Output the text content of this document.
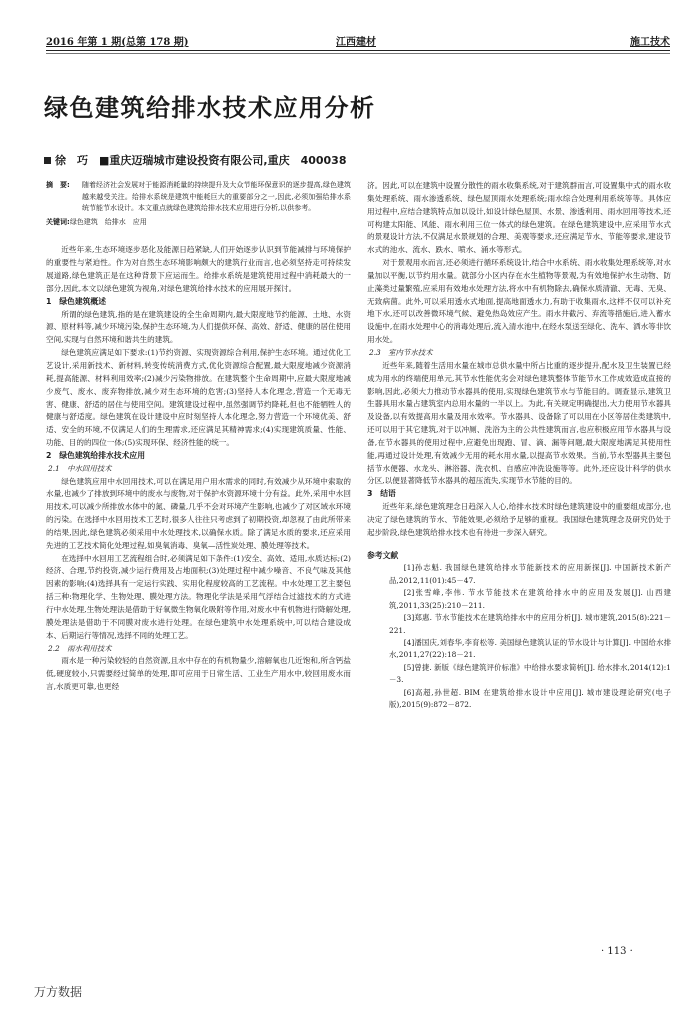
2016 年第 1 期(总第 178 期)	江西建材	施工技术
绿色建筑给排水技术应用分析
徐　巧　■重庆迈瑞城市建设投资有限公司,重庆　400038
摘　要:	随着经济社会发展对于能源消耗量的持续提升及大众节能环保意识的逐步提高,绿色建筑越来越受关注。给排水系统是建筑中能耗巨大的重要部分之一,因此,必须加强给排水系统节能节水设计。本文重点就绿色建筑给排水技术应用进行分析,以供参考。
关键词:绿色建筑　给排水　应用

近些年来,生态环境逐步恶化及能源日趋紧缺,人们开始逐步认识到节能减排与环境保护的重要性与紧迫性。作为对自然生态环境影响颇大的建筑行业而言,也必须坚持走可持续发展道路,绿色建筑正是在这种背景下应运而生。给排水系统是建筑使用过程中消耗最大的一部分,因此,本文以绿色建筑为视角,对绿色建筑给排水技术的应用展开探讨。

1　绿色建筑概述

所谓的绿色建筑,指的是在建筑建设的全生命周期内,最大限度地节约能源、土地、水资源、原材料等,减少环境污染,保护生态环境,为人们提供环保、高效、舒适、健康的居住使用空间,实现与自然环境和谐共生的建筑。

绿色建筑应满足如下要求:(1)节约资源、实现资源综合利用,保护生态环境。通过优化工艺设计,采用新技术、新材料,转变传统消费方式,优化资源综合配置,最大限度地减少资源消耗,提高能源、材料利用效率;(2)减少污染物排放。在建筑整个生命周期中,应最大限度地减少废气、废水、废弃物排放,减少对生态环境的危害;(3)坚持人本化理念,营造一个无毒无害、健康、舒适的居住与使用空间。建筑建设过程中,虽然强调节约降耗,但也不能牺牲人的健康与舒适度。绿色建筑在设计建设中应时刻坚持人本化理念,努力营造一个环境优美、舒适、安全的环境,不仅满足人们的生理需求,还应满足其精神需求;(4)实现建筑质量、性能、功能、目的的四位一体;(5)实现环保、经济性能的统一。

2　绿色建筑给排水技术应用

2.1　中水回用技术

绿色建筑应用中水回用技术,可以在满足用户用水需求的同时,有效减少从环境中索取的水量,也减少了排放到环境中的废水与废物,对于保护水资源环境十分有益。此外,采用中水回用技术,可以减少所排放水体中的氮、磷量,几乎不会对环境产生影响,也减少了对区域水环境的污染。在选择中水回用技术工艺时,很多人往往只考虑到了初期投资,却忽视了由此所带来的结果,因此,绿色建筑必须采用中水处理技术,以确保水质。除了满足水质的要求,还应采用先进的工艺技术简化处理过程,如臭氧消毒、臭氧—活性炭处理、膜处理等技术。

在选择中水回用工艺流程组合时,必须满足如下条件:(1)安全、高效、适用,水质达标;(2)经济、合理,节约投资,减少运行费用及占地面积;(3)处理过程中减少噪音、不良气味及其他因素的影响;(4)选择具有一定运行实践、实用化程度较高的工艺流程。中水处理工艺主要包括三种:物理化学、生物处理、膜处理方法。物理化学法是采用气浮结合过滤技术的方式进行中水处理,生物处理法是借助于好氧微生物氧化吸附等作用,对废水中有机物进行降解处理,膜处理法是借助于不同膜对废水进行处理。在绿色建筑中水处理系统中,可以结合建设成本、后期运行等情况,选择不同的处理工艺。

2.2　雨水利用技术

雨水是一种污染较轻的自然资源,且水中存在的有机物量少,溶解氧也几近饱和,所含钙盐低,硬度较小,只需要经过简单的处理,即可应用于日常生活、工业生产用水中,较回用废水而言,水质更可靠,也更经

济。因此,可以在建筑中设置分散性的雨水收集系统,对于建筑群而言,可设置集中式的雨水收集处理系统、雨水渗透系统、绿色屋顶雨水处理系统;雨水综合处理利用系统等等。具体应用过程中,应结合建筑特点加以设计,如设计绿色屋顶、水景、渗透利用、雨水回用等技术,还可构建太阳能、风能、雨水利用三位一体式的绿色建筑。在绿色建筑建设中,应采用节水式的景观设计方法,不仅满足水景规划的合理、美观等要求,还应满足节水、节能等要求,建设节水式的池水、流水、跌水、喷水、涌水等形式。

对于景观用水而言,还必须进行循环系统设计,结合中水系统、雨水收集处理系统等,对水量加以平衡,以节约用水量。就部分小区内存在水生植物等景观,为有效地保护水生动物、防止藻类过量繁殖,应采用有效地水处理方法,将水中有机物除去,确保水质清澈、无毒、无臭、无致病菌。此外,可以采用透水式地面,提高地面透水力,有助于收集雨水,这样不仅可以补充地下水,还可以改善微环境气候、避免热岛效应产生。雨水井截污、弃流等措施后,进入蓄水设施中,在雨水处理中心的消毒处理后,流入清水池中,在经水泵送至绿化、洗车、洒水等非饮用水处。

2.3　室内节水技术

近些年来,随着生活用水量在城市总供水量中所占比重的逐步提升,配水及卫生装置已经成为用水的终端使用单元,其节水性能优劣会对绿色建筑整体节能节水工作成效造成直接的影响,因此,必须大力推动节水器具的使用,实现绿色建筑节水与节能目的。调查显示,建筑卫生器具用水量占建筑室内总用水量的一半以上。为此,有关规定明确提出,大力使用节水器具及设备,以有效提高用水量及用水效率。节水器具、设备除了可以用在小区等居住类建筑中,还可以用于其它建筑,对于以冲厕、洗浴为主的公共性建筑而言,也应积极应用节水器具与设备,在节水器具的使用过程中,应避免出现跑、冒、滴、漏等问题,最大限度地满足其使用性能,再通过设计处理,有效减少无用的耗水用水量,以提高节水效果。当前,节水型器具主要包括节水便器、水龙头、淋浴器、洗衣机、自感应冲洗设施等等。此外,还应设计科学的供水分区,以便显著降低节水器具的超压流失,实现节水节能的目的。

3　结语

近些年来,绿色建筑理念日趋深入人心,给排水技术时绿色建筑建设中的重要组成部分,也决定了绿色建筑的节水、节能效果,必须给予足够的重视。我国绿色建筑理念及研究仍处于起步阶段,绿色建筑给排水技术也有待进一步深入研究。

参考文献

[1]孙志魁. 我国绿色建筑给排水节能新技术的应用新探[J]. 中国新技术新产品,2012,11(01):45－47.

[2]张雪峰,李伟. 节水节能技术在建筑给排水中的应用及发展[J]. 山西建筑,2011,33(25):210－211.

[3]郑惠. 节水节能技术在建筑给排水中的应用分析[J]. 城市建筑,2015(8):221－221.

[4]潘国庆,刘春华,李育松等. 美国绿色建筑认证的节水设计与计算[J]. 中国给水排水,2011,27(22):18－21.

[5]曾捷. 新版《绿色建筑评价标准》中给排水要求简析[J]. 给水排水,2014(12):1－3.

[6]高超,孙世超. BIM 在建筑给排水设计中应用[J]. 城市建设理论研究(电子版),2015(9):872－872.

· 113 ·
万方数据
